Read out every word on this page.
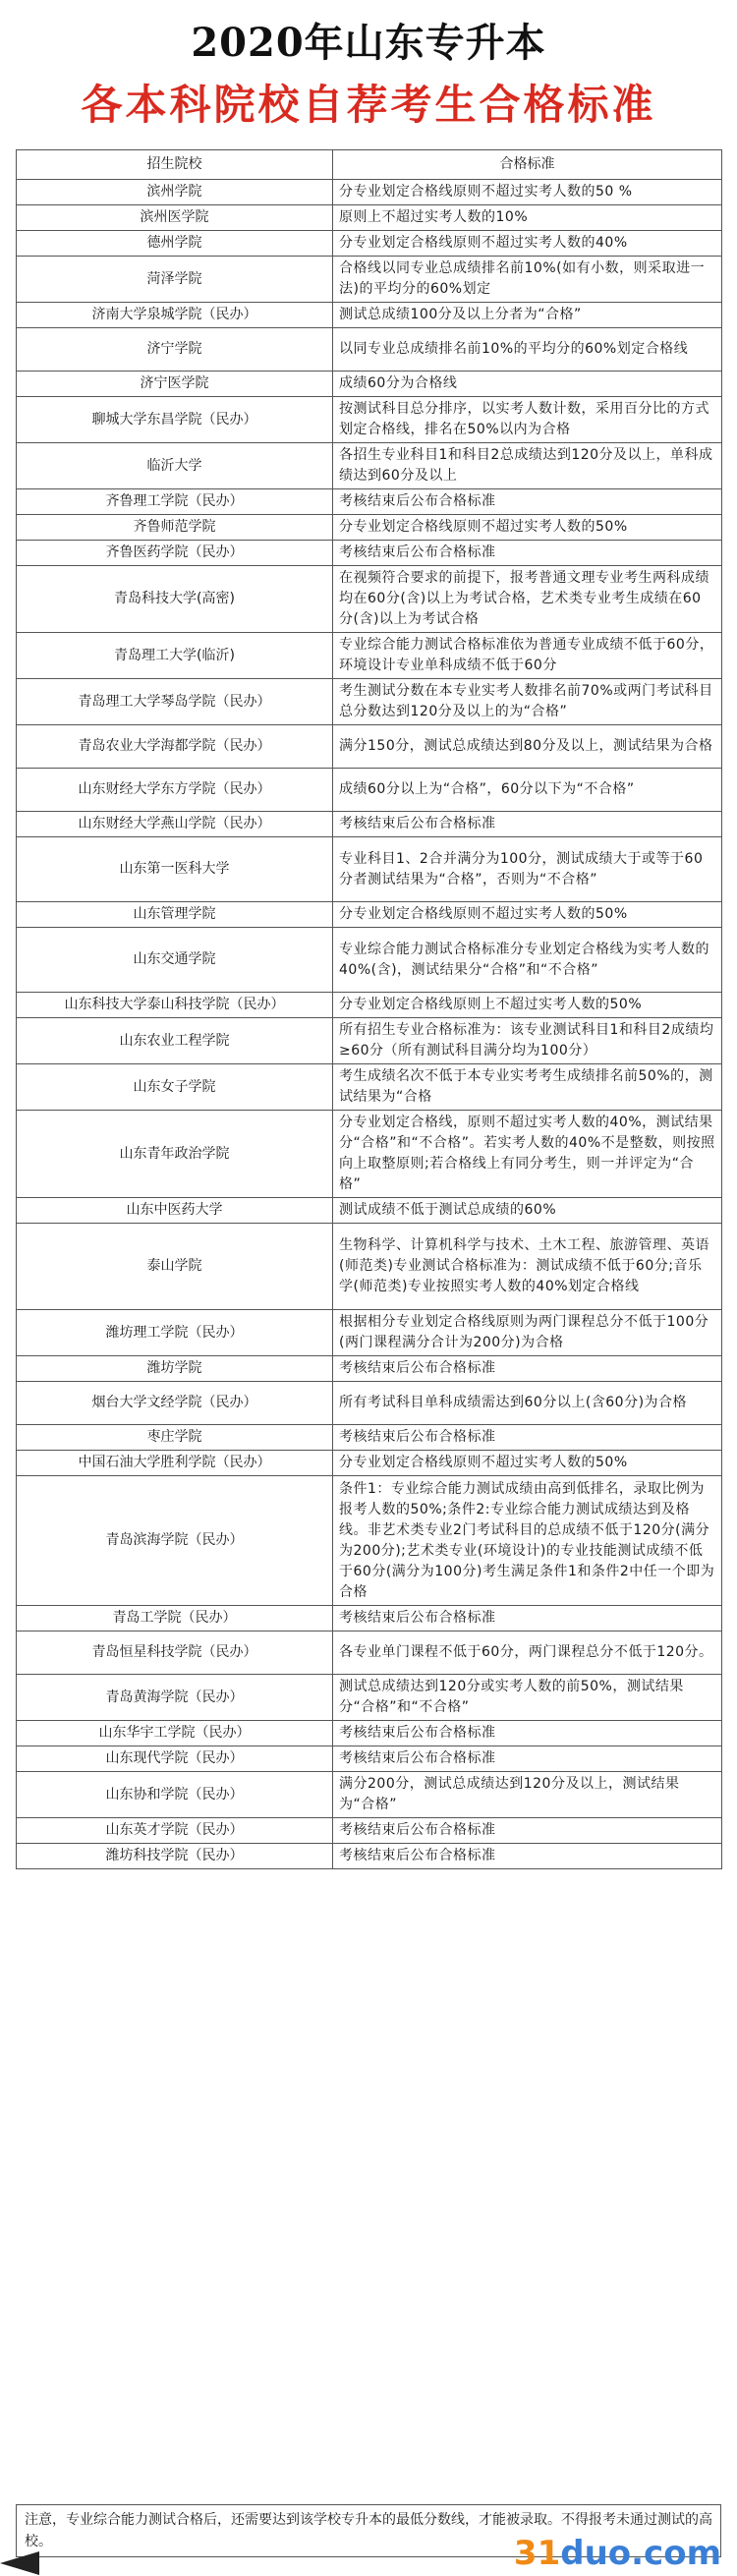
2020年山东专升本
各本科院校自荐考生合格标准
招生院校	合格标准
滨州学院	分专业划定合格线原则不超过实考人数的50 %
滨州医学院	原则上不超过实考人数的10%
德州学院	分专业划定合格线原则不超过实考人数的40%
菏泽学院	合格线以同专业总成绩排名前10%(如有小数，则采取进一法)的平均分的60%划定
济南大学泉城学院（民办）	测试总成绩100分及以上分者为“合格”
济宁学院	以同专业总成绩排名前10%的平均分的60%划定合格线
济宁医学院	成绩60分为合格线
聊城大学东昌学院（民办）	按测试科目总分排序，以实考人数计数，采用百分比的方式划定合格线，排名在50%以内为合格
临沂大学	各招生专业科目1和科目2总成绩达到120分及以上，单科成绩达到60分及以上
齐鲁理工学院（民办）	考核结束后公布合格标准
齐鲁师范学院	分专业划定合格线原则不超过实考人数的50%
齐鲁医药学院（民办）	考核结束后公布合格标准
青岛科技大学(高密)	在视频符合要求的前提下，报考普通文理专业考生两科成绩均在60分(含)以上为考试合格，艺术类专业考生成绩在60分(含)以上为考试合格
青岛理工大学(临沂)	专业综合能力测试合格标准依为普通专业成绩不低于60分，环境设计专业单科成绩不低于60分
青岛理工大学琴岛学院（民办）	考生测试分数在本专业实考人数排名前70%或两门考试科目总分数达到120分及以上的为“合格”
青岛农业大学海都学院（民办）	满分150分，测试总成绩达到80分及以上，测试结果为合格
山东财经大学东方学院（民办）	成绩60分以上为“合格”，60分以下为“不合格”
山东财经大学燕山学院（民办）	考核结束后公布合格标准
山东第一医科大学	专业科目1、2合并满分为100分，测试成绩大于或等于60分者测试结果为“合格”，否则为“不合格”
山东管理学院	分专业划定合格线原则不超过实考人数的50%
山东交通学院	专业综合能力测试合格标准分专业划定合格线为实考人数的40%(含)，测试结果分“合格”和“不合格”
山东科技大学泰山科技学院（民办）	分专业划定合格线原则上不超过实考人数的50%
山东农业工程学院	所有招生专业合格标准为：该专业测试科目1和科目2成绩均≥60分（所有测试科目满分均为100分）
山东女子学院	考生成绩名次不低于本专业实考考生成绩排名前50%的，测试结果为“合格
山东青年政治学院	分专业划定合格线，原则不超过实考人数的40%，测试结果分“合格”和“不合格”。若实考人数的40%不是整数，则按照向上取整原则;若合格线上有同分考生，则一并评定为“合格”
山东中医药大学	测试成绩不低于测试总成绩的60%
泰山学院	生物科学、计算机科学与技术、土木工程、旅游管理、英语(师范类)专业测试合格标准为：测试成绩不低于60分;音乐学(师范类)专业按照实考人数的40%划定合格线
潍坊理工学院（民办）	根据相分专业划定合格线原则为两门课程总分不低于100分(两门课程满分合计为200分)为合格
潍坊学院	考核结束后公布合格标准
烟台大学文经学院（民办）	所有考试科目单科成绩需达到60分以上(含60分)为合格
枣庄学院	考核结束后公布合格标准
中国石油大学胜利学院（民办）	分专业划定合格线原则不超过实考人数的50%
青岛滨海学院（民办）	条件1：专业综合能力测试成绩由高到低排名，录取比例为报考人数的50%;条件2:专业综合能力测试成绩达到及格线。非艺术类专业2门考试科目的总成绩不低于120分(满分为200分);艺术类专业(环境设计)的专业技能测试成绩不低于60分(满分为100分)考生满足条件1和条件2中任一个即为合格
青岛工学院（民办）	考核结束后公布合格标准
青岛恒星科技学院（民办）	各专业单门课程不低于60分，两门课程总分不低于120分。
青岛黄海学院（民办）	测试总成绩达到120分或实考人数的前50%，测试结果分“合格”和“不合格”
山东华宇工学院（民办）	考核结束后公布合格标准
山东现代学院（民办）	考核结束后公布合格标准
山东协和学院（民办）	满分200分，测试总成绩达到120分及以上，测试结果为“合格”
山东英才学院（民办）	考核结束后公布合格标准
潍坊科技学院（民办）	考核结束后公布合格标准
注意，专业综合能力测试合格后，还需要达到该学校专升本的最低分数线，才能被录取。不得报考未通过测试的高校。	31duo.com
